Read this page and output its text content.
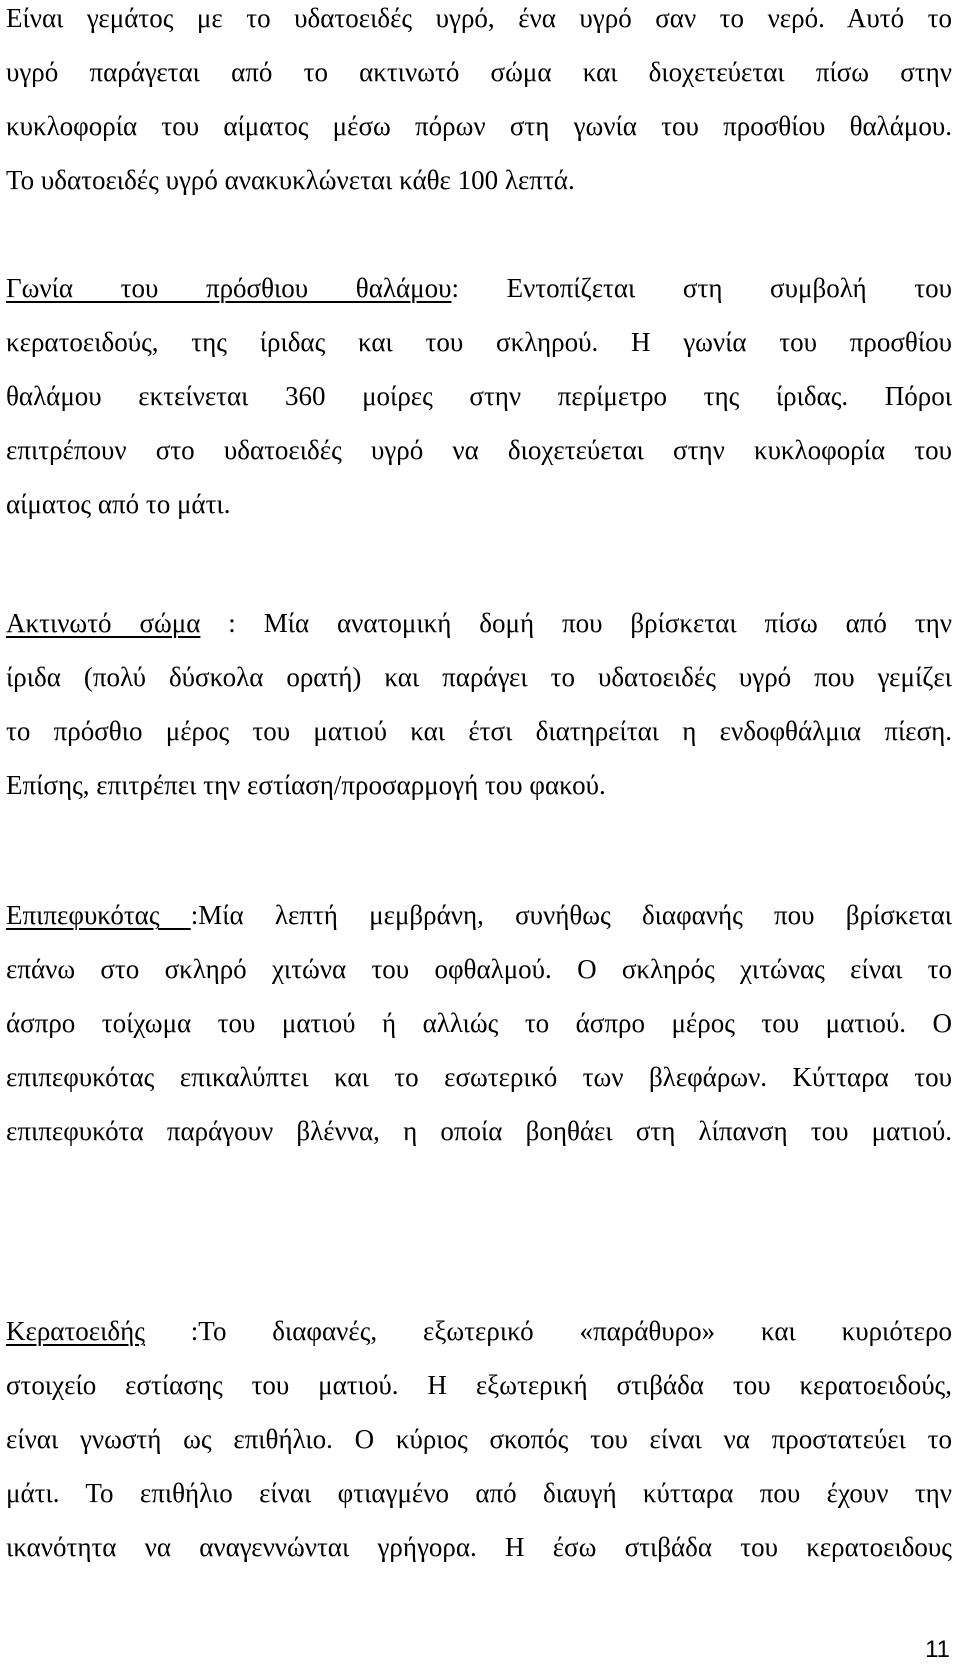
Είναι γεμάτος με το υδατοειδές υγρό, ένα υγρό σαν το νερό. Αυτό το
υγρό παράγεται από το ακτινωτό σώμα και διοχετεύεται πίσω στην
κυκλοφορία του αίματος μέσω πόρων στη γωνία του προσθίου θαλάμου.
Το υδατοειδές υγρό ανακυκλώνεται κάθε 100 λεπτά.
Γωνία του πρόσθιου θαλάμου: Εντοπίζεται στη συμβολή του
κερατοειδούς, της ίριδας και του σκληρού. Η γωνία του προσθίου
θαλάμου εκτείνεται 360 μοίρες στην περίμετρο της ίριδας. Πόροι
επιτρέπουν στο υδατοειδές υγρό να διοχετεύεται στην κυκλοφορία του
αίματος από το μάτι.
Ακτινωτό σώμα : Μία ανατομική δομή που βρίσκεται πίσω από την
ίριδα (πολύ δύσκολα ορατή) και παράγει το υδατοειδές υγρό που γεμίζει
το πρόσθιο μέρος του ματιού και έτσι διατηρείται η ενδοφθάλμια πίεση.
Επίσης, επιτρέπει την εστίαση/προσαρμογή του φακού.
Επιπεφυκότας :Μία λεπτή μεμβράνη, συνήθως διαφανής που βρίσκεται
επάνω στο σκληρό χιτώνα του οφθαλμού. Ο σκληρός χιτώνας είναι το
άσπρο τοίχωμα του ματιού ή αλλιώς το άσπρο μέρος του ματιού. Ο
επιπεφυκότας επικαλύπτει και το εσωτερικό των βλεφάρων. Κύτταρα του
επιπεφυκότα παράγουν βλέννα, η οποία βοηθάει στη λίπανση του ματιού.
Κερατοειδής :Το διαφανές, εξωτερικό «παράθυρο» και κυριότερο
στοιχείο εστίασης του ματιού. Η εξωτερική στιβάδα του κερατοειδούς,
είναι γνωστή ως επιθήλιο. Ο κύριος σκοπός του είναι να προστατεύει το
μάτι. Το επιθήλιο είναι φτιαγμένο από διαυγή κύτταρα που έχουν την
ικανότητα να αναγεννώνται γρήγορα. Η έσω στιβάδα του κερατοειδους
11
